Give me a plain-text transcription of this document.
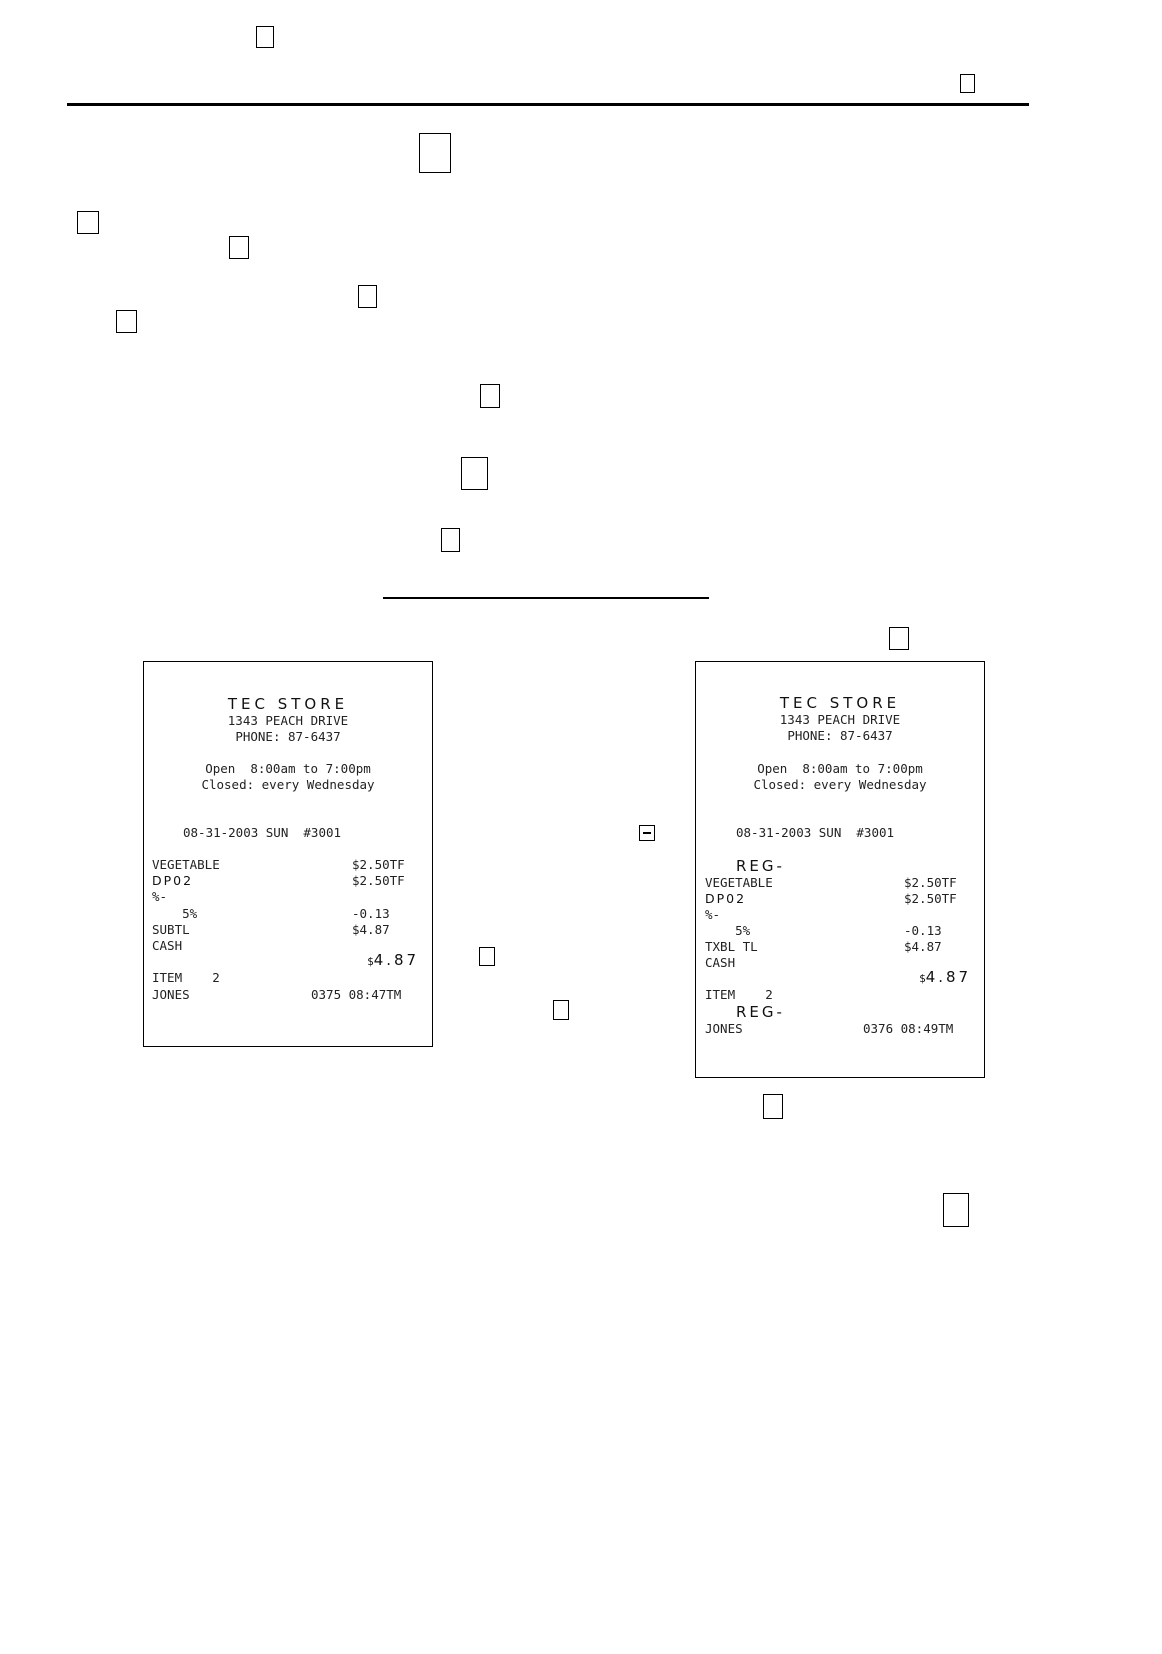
TEC STORE
1343 PEACH DRIVE
PHONE: 87-6437
Open  8:00am to 7:00pm
Closed: every Wednesday
08-31-2003 SUN  #3001
VEGETABLE	$2.50TF
DP02	$2.50TF
%-
5%	-0.13
SUBTL	$4.87
CASH

$4.87

ITEM    2
JONES	0375 08:47TM
TEC STORE
1343 PEACH DRIVE
PHONE: 87-6437
Open  8:00am to 7:00pm
Closed: every Wednesday
08-31-2003 SUN  #3001
REG-
VEGETABLE	$2.50TF
DP02	$2.50TF
%-
5%	-0.13
TXBL TL	$4.87
CASH

$4.87

ITEM    2
REG-
JONES	0376 08:49TM
